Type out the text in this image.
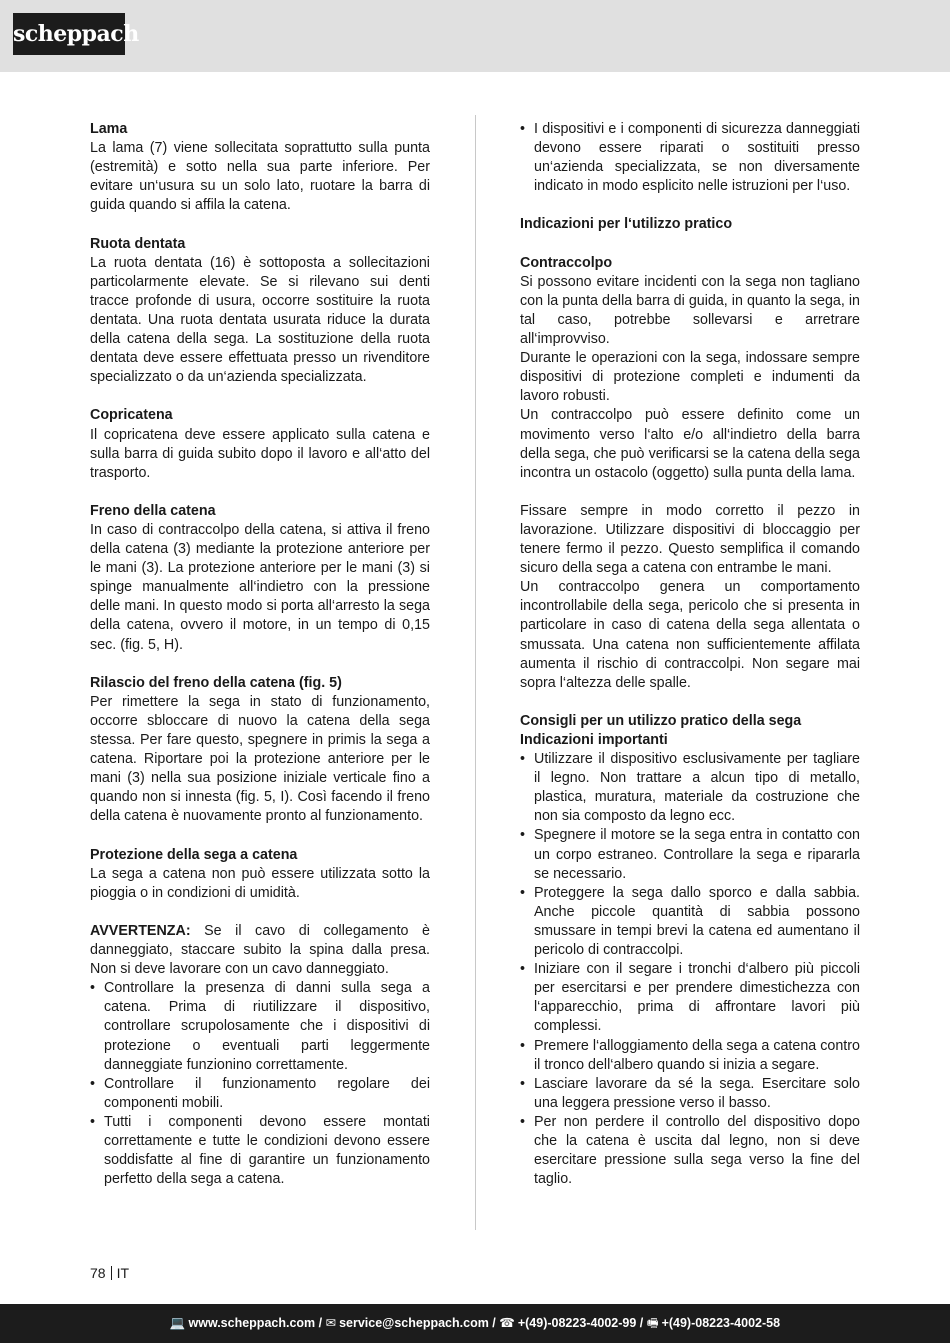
scheppach
Lama

La lama (7) viene sollecitata soprattutto sulla punta (estremità) e sotto nella sua parte inferiore. Per evitare un‘usura su un solo lato, ruotare la barra di guida quando si affila la catena.

Ruota dentata

La ruota dentata (16) è sottoposta a sollecitazioni particolarmente elevate. Se si rilevano sui denti tracce profonde di usura, occorre sostituire la ruota dentata. Una ruota dentata usurata riduce la durata della catena della sega. La sostituzione della ruota dentata deve essere effettuata presso un rivenditore specializzato o da un‘azienda specializzata.

Copricatena

Il copricatena deve essere applicato sulla catena e sulla barra di guida subito dopo il lavoro e all‘atto del trasporto.

Freno della catena

In caso di contraccolpo della catena, si attiva il freno della catena (3) mediante la protezione anteriore per le mani (3). La protezione anteriore per le mani (3) si spinge manualmente all‘indietro con la pressione delle mani. In questo modo si porta all‘arresto la sega della catena, ovvero il motore, in un tempo di 0,15 sec. (fig. 5, H).

Rilascio del freno della catena (fig. 5)

Per rimettere la sega in stato di funzionamento, occorre sbloccare di nuovo la catena della sega stessa. Per fare questo, spegnere in primis la sega a catena. Riportare poi la protezione anteriore per le mani (3) nella sua posizione iniziale verticale fino a quando non si innesta (fig. 5, I). Così facendo il freno della catena è nuovamente pronto al funzionamento.

Protezione della sega a catena

La sega a catena non può essere utilizzata sotto la pioggia o in condizioni di umidità.

AVVERTENZA: Se il cavo di collegamento è danneggiato, staccare subito la spina dalla presa. Non si deve lavorare con un cavo danneggiato.

• Controllare la presenza di danni sulla sega a catena. Prima di riutilizzare il dispositivo, controllare scrupolosamente che i dispositivi di protezione o eventuali parti leggermente danneggiate funzionino correttamente.
• Controllare il funzionamento regolare dei componenti mobili.
• Tutti i componenti devono essere montati correttamente e tutte le condizioni devono essere soddisfatte al fine di garantire un funzionamento perfetto della sega a catena.
• I dispositivi e i componenti di sicurezza danneggiati devono essere riparati o sostituiti presso un‘azienda specializzata, se non diversamente indicato in modo esplicito nelle istruzioni per l‘uso.
Indicazioni per l‘utilizzo pratico
Contraccolpo

Si possono evitare incidenti con la sega non tagliano con la punta della barra di guida, in quanto la sega, in tal caso, potrebbe sollevarsi e arretrare all‘improvviso.

Durante le operazioni con la sega, indossare sempre dispositivi di protezione completi e indumenti da lavoro robusti.

Un contraccolpo può essere definito come un movimento verso l‘alto e/o all‘indietro della barra della sega, che può verificarsi se la catena della sega incontra un ostacolo (oggetto) sulla punta della lama.

Fissare sempre in modo corretto il pezzo in lavorazione. Utilizzare dispositivi di bloccaggio per tenere fermo il pezzo. Questo semplifica il comando sicuro della sega a catena con entrambe le mani.

Un contraccolpo genera un comportamento incontrollabile della sega, pericolo che si presenta in particolare in caso di catena della sega allentata o smussata. Una catena non sufficientemente affilata aumenta il rischio di contraccolpi. Non segare mai sopra l‘altezza delle spalle.

Consigli per un utilizzo pratico della sega
Indicazioni importanti
• Utilizzare il dispositivo esclusivamente per tagliare il legno. Non trattare a alcun tipo di metallo, plastica, muratura, materiale da costruzione che non sia composto da legno ecc.
• Spegnere il motore se la sega entra in contatto con un corpo estraneo. Controllare la sega e ripararla se necessario.
• Proteggere la sega dallo sporco e dalla sabbia. Anche piccole quantità di sabbia possono smussare in tempi brevi la catena ed aumentano il pericolo di contraccolpi.
• Iniziare con il segare i tronchi d‘albero più piccoli per esercitarsi e per prendere dimestichezza con l‘apparecchio, prima di affrontare lavori più complessi.
• Premere l‘alloggiamento della sega a catena contro il tronco dell‘albero quando si inizia a segare.
• Lasciare lavorare da sé la sega. Esercitare solo una leggera pressione verso il basso.
• Per non perdere il controllo del dispositivo dopo che la catena è uscita dal legno, non si deve esercitare pressione sulla sega verso la fine del taglio.
78 IT
💻 www.scheppach.com / ✉ service@scheppach.com / ☎ +(49)-08223-4002-99 / 🖷 +(49)-08223-4002-58
